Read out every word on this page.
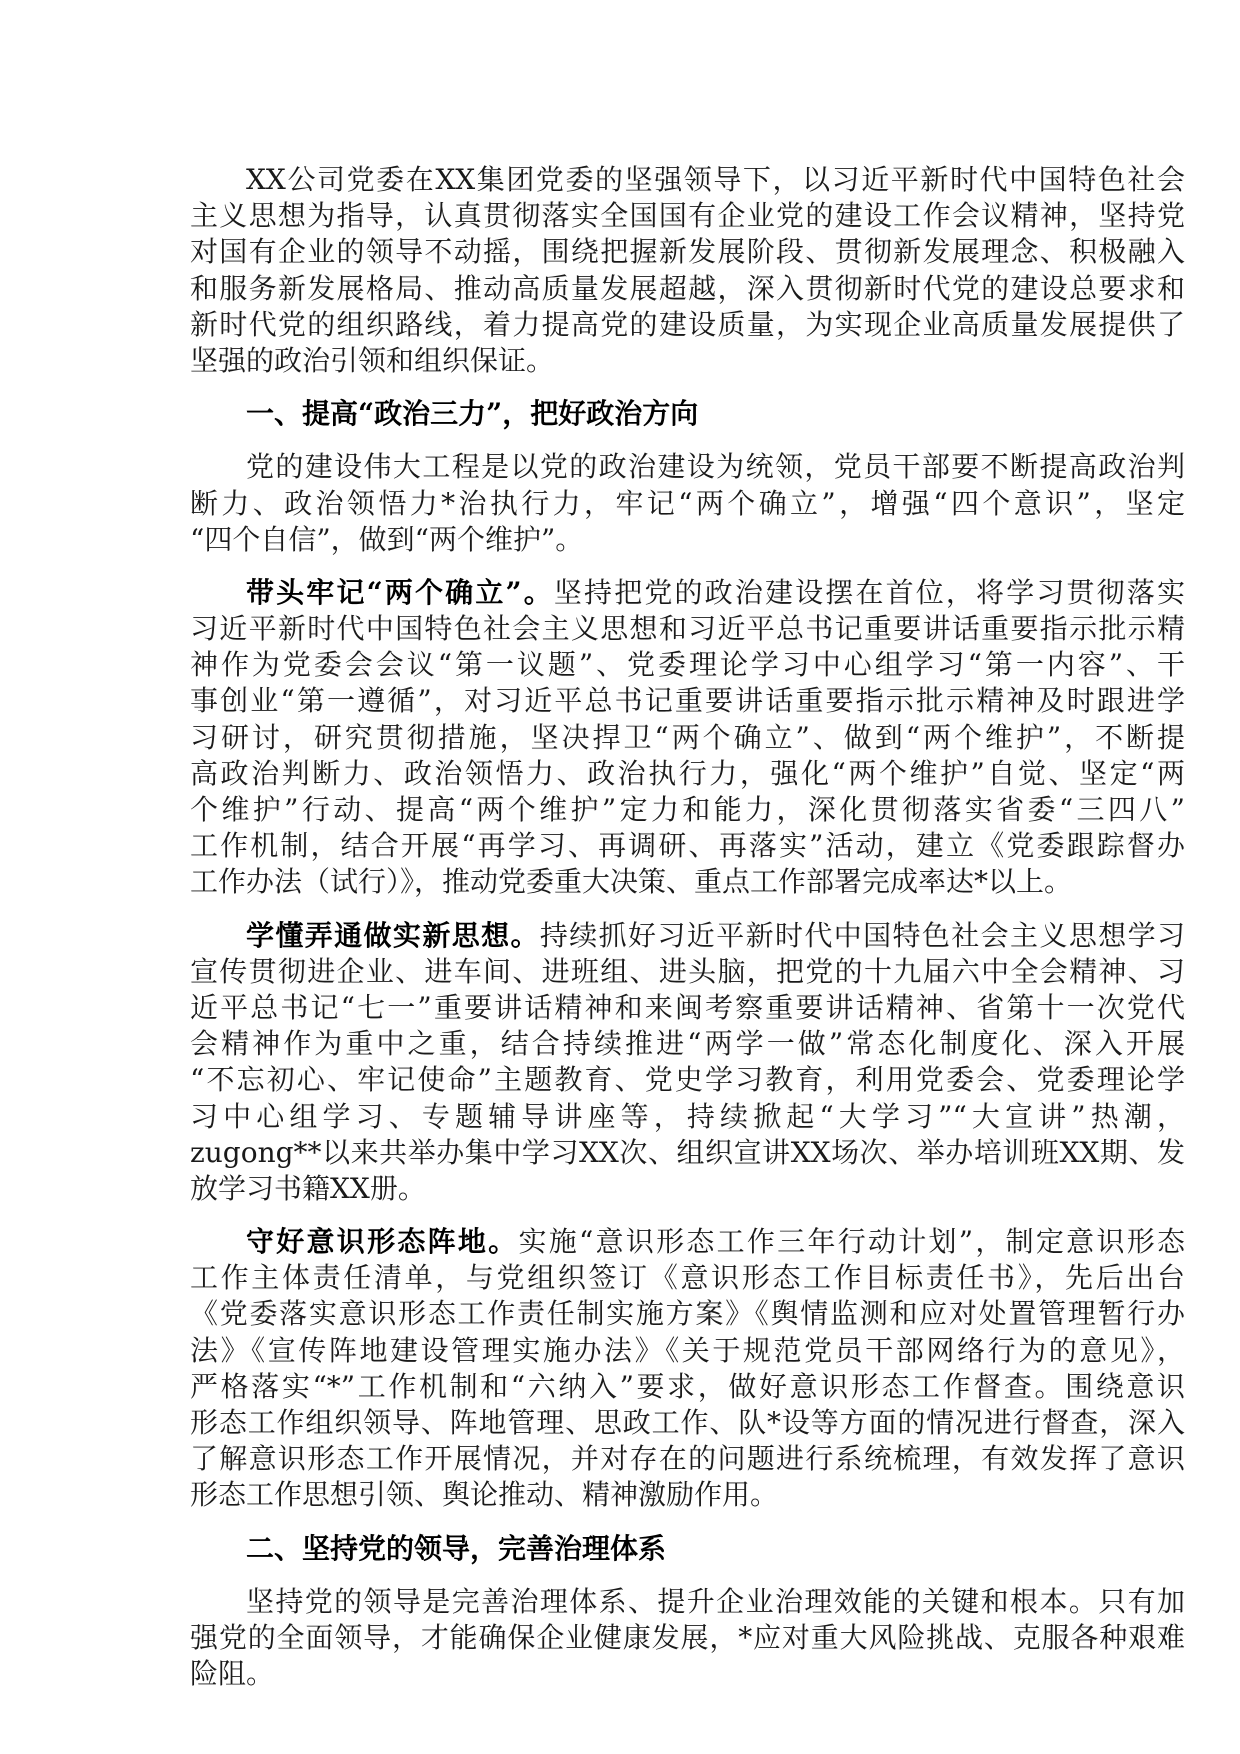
XX公司党委在XX集团党委的坚强领导下，以习近平新时代中国特色社会
主义思想为指导，认真贯彻落实全国国有企业党的建设工作会议精神，坚持党
对国有企业的领导不动摇，围绕把握新发展阶段、贯彻新发展理念、积极融入
和服务新发展格局、推动高质量发展超越，深入贯彻新时代党的建设总要求和
新时代党的组织路线，着力提高党的建设质量，为实现企业高质量发展提供了
坚强的政治引领和组织保证。
一、提高“政治三力”，把好政治方向
党的建设伟大工程是以党的政治建设为统领，党员干部要不断提高政治判
断力、政治领悟力*治执行力，牢记“两个确立”，增强“四个意识”，坚定
“四个自信”，做到“两个维护”。
带头牢记“两个确立”。坚持把党的政治建设摆在首位，将学习贯彻落实
习近平新时代中国特色社会主义思想和习近平总书记重要讲话重要指示批示精
神作为党委会会议“第一议题”、党委理论学习中心组学习“第一内容”、干
事创业“第一遵循”，对习近平总书记重要讲话重要指示批示精神及时跟进学
习研讨，研究贯彻措施，坚决捍卫“两个确立”、做到“两个维护”，不断提
高政治判断力、政治领悟力、政治执行力，强化“两个维护”自觉、坚定“两
个维护”行动、提高“两个维护”定力和能力，深化贯彻落实省委“三四八”
工作机制，结合开展“再学习、再调研、再落实”活动，建立《党委跟踪督办
工作办法（试行）》，推动党委重大决策、重点工作部署完成率达*以上。
学懂弄通做实新思想。持续抓好习近平新时代中国特色社会主义思想学习
宣传贯彻进企业、进车间、进班组、进头脑，把党的十九届六中全会精神、习
近平总书记“七一”重要讲话精神和来闽考察重要讲话精神、省第十一次党代
会精神作为重中之重，结合持续推进“两学一做”常态化制度化、深入开展
“不忘初心、牢记使命”主题教育、党史学习教育，利用党委会、党委理论学
习中心组学习、专题辅导讲座等，持续掀起“大学习”“大宣讲”热潮，
zugong**以来共举办集中学习XX次、组织宣讲XX场次、举办培训班XX期、发
放学习书籍XX册。
守好意识形态阵地。实施“意识形态工作三年行动计划”，制定意识形态
工作主体责任清单，与党组织签订《意识形态工作目标责任书》，先后出台
《党委落实意识形态工作责任制实施方案》《舆情监测和应对处置管理暂行办
法》《宣传阵地建设管理实施办法》《关于规范党员干部网络行为的意见》，
严格落实“*”工作机制和“六纳入”要求，做好意识形态工作督查。围绕意识
形态工作组织领导、阵地管理、思政工作、队*设等方面的情况进行督查，深入
了解意识形态工作开展情况，并对存在的问题进行系统梳理，有效发挥了意识
形态工作思想引领、舆论推动、精神激励作用。
二、坚持党的领导，完善治理体系
坚持党的领导是完善治理体系、提升企业治理效能的关键和根本。只有加
强党的全面领导，才能确保企业健康发展，*应对重大风险挑战、克服各种艰难
险阻。
